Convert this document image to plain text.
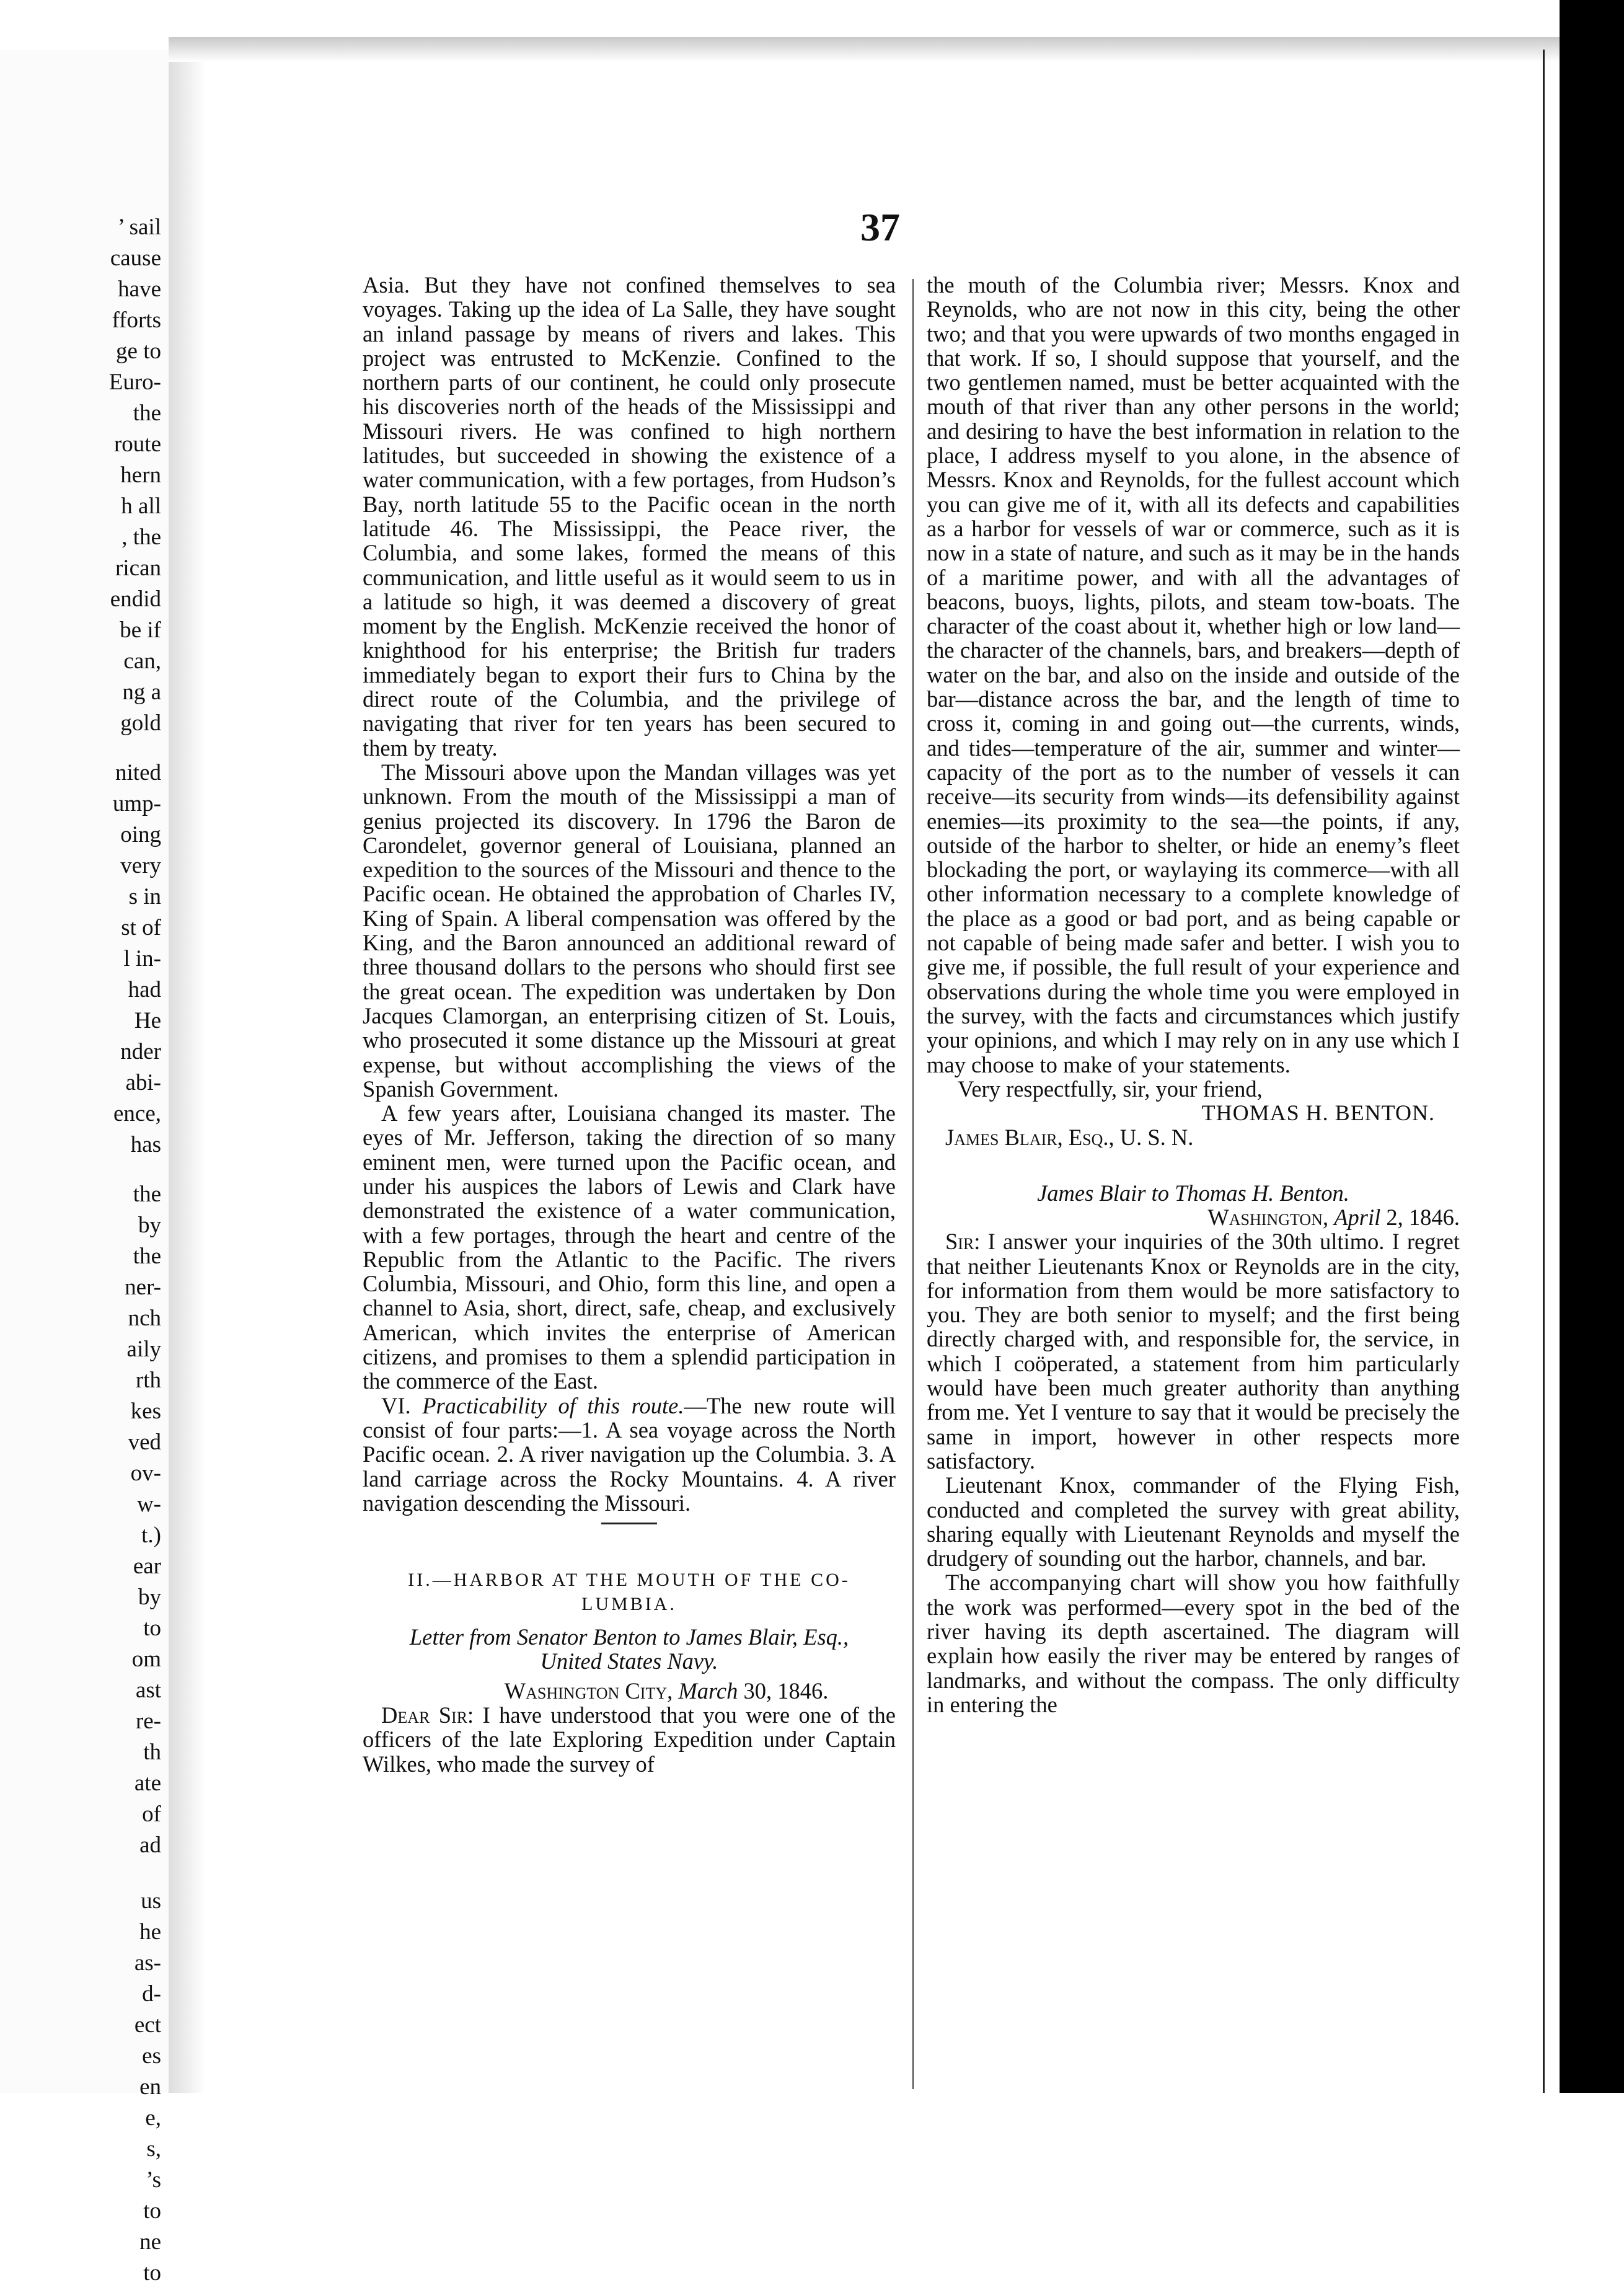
’ sail
cause
have
fforts
ge to
Euro-
the
route
hern
h all
, the
rican
endid
be if
can,
ng a
gold
nited
ump-
oing
very
s in
st of
l in-
had
He
nder
abi-
ence,
has
the
by
the
ner-
nch
aily
rth
kes
ved
ov-
w-
t.)
ear
by
to
om
ast
re-
th
ate
of
ad
us
he
as-
d-
ect
es
en
e,
s,
’s
to
ne
to
37

Asia. But they have not confined themselves to sea voyages. Taking up the idea of La Salle, they have sought an inland passage by means of rivers and lakes. This project was entrusted to McKenzie. Confined to the northern parts of our continent, he could only prosecute his discoveries north of the heads of the Mississippi and Missouri rivers. He was confined to high northern latitudes, but succeeded in showing the existence of a water communication, with a few portages, from Hudson’s Bay, north latitude 55 to the Pacific ocean in the north latitude 46. The Mississippi, the Peace river, the Columbia, and some lakes, formed the means of this communication, and little useful as it would seem to us in a latitude so high, it was deemed a discovery of great moment by the English. McKenzie received the honor of knighthood for his enterprise; the British fur traders immediately began to export their furs to China by the direct route of the Columbia, and the privilege of navigating that river for ten years has been secured to them by treaty.

The Missouri above upon the Mandan villages was yet unknown. From the mouth of the Mississippi a man of genius projected its discovery. In 1796 the Baron de Carondelet, governor general of Louisiana, planned an expedition to the sources of the Missouri and thence to the Pacific ocean. He obtained the approbation of Charles IV, King of Spain. A liberal compensation was offered by the King, and the Baron announced an additional reward of three thousand dollars to the persons who should first see the great ocean. The expedition was undertaken by Don Jacques Clamorgan, an enterprising citizen of St. Louis, who prosecuted it some distance up the Missouri at great expense, but without accomplishing the views of the Spanish Government.

A few years after, Louisiana changed its master. The eyes of Mr. Jefferson, taking the direction of so many eminent men, were turned upon the Pacific ocean, and under his auspices the labors of Lewis and Clark have demonstrated the existence of a water communication, with a few portages, through the heart and centre of the Republic from the Atlantic to the Pacific. The rivers Columbia, Missouri, and Ohio, form this line, and open a channel to Asia, short, direct, safe, cheap, and exclusively American, which invites the enterprise of American citizens, and promises to them a splendid participation in the commerce of the East.

VI. Practicability of this route.—The new route will consist of four parts:—1. A sea voyage across the North Pacific ocean. 2. A river navigation up the Columbia. 3. A land carriage across the Rocky Mountains. 4. A river navigation descending the Missouri.

II.—HARBOR AT THE MOUTH OF THE CO-

LUMBIA.

Letter from Senator Benton to James Blair, Esq.,

United States Navy.

Washington City, March 30, 1846.

Dear Sir: I have understood that you were one of the officers of the late Exploring Expedition under Captain Wilkes, who made the survey of

the mouth of the Columbia river; Messrs. Knox and Reynolds, who are not now in this city, being the other two; and that you were upwards of two months engaged in that work. If so, I should suppose that yourself, and the two gentlemen named, must be better acquainted with the mouth of that river than any other persons in the world; and desiring to have the best information in relation to the place, I address myself to you alone, in the absence of Messrs. Knox and Reynolds, for the fullest account which you can give me of it, with all its defects and capabilities as a harbor for vessels of war or commerce, such as it is now in a state of nature, and such as it may be in the hands of a maritime power, and with all the advantages of beacons, buoys, lights, pilots, and steam tow-boats. The character of the coast about it, whether high or low land—the character of the channels, bars, and breakers—depth of water on the bar, and also on the inside and outside of the bar—distance across the bar, and the length of time to cross it, coming in and going out—the currents, winds, and tides—temperature of the air, summer and winter—capacity of the port as to the number of vessels it can receive—its security from winds—its defensibility against enemies—its proximity to the sea—the points, if any, outside of the harbor to shelter, or hide an enemy’s fleet blockading the port, or waylaying its commerce—with all other information necessary to a complete knowledge of the place as a good or bad port, and as being capable or not capable of being made safer and better. I wish you to give me, if possible, the full result of your experience and observations during the whole time you were employed in the survey, with the facts and circumstances which justify your opinions, and which I may rely on in any use which I may choose to make of your statements.

Very respectfully, sir, your friend,

THOMAS H. BENTON.

James Blair, Esq., U. S. N.

James Blair to Thomas H. Benton.

Washington, April 2, 1846.

Sir: I answer your inquiries of the 30th ultimo. I regret that neither Lieutenants Knox or Reynolds are in the city, for information from them would be more satisfactory to you. They are both senior to myself; and the first being directly charged with, and responsible for, the service, in which I coöperated, a statement from him particularly would have been much greater authority than anything from me. Yet I venture to say that it would be precisely the same in import, however in other respects more satisfactory.

Lieutenant Knox, commander of the Flying Fish, conducted and completed the survey with great ability, sharing equally with Lieutenant Reynolds and myself the drudgery of sounding out the harbor, channels, and bar.

The accompanying chart will show you how faithfully the work was performed—every spot in the bed of the river having its depth ascertained. The diagram will explain how easily the river may be entered by ranges of landmarks, and without the compass. The only difficulty in entering the
